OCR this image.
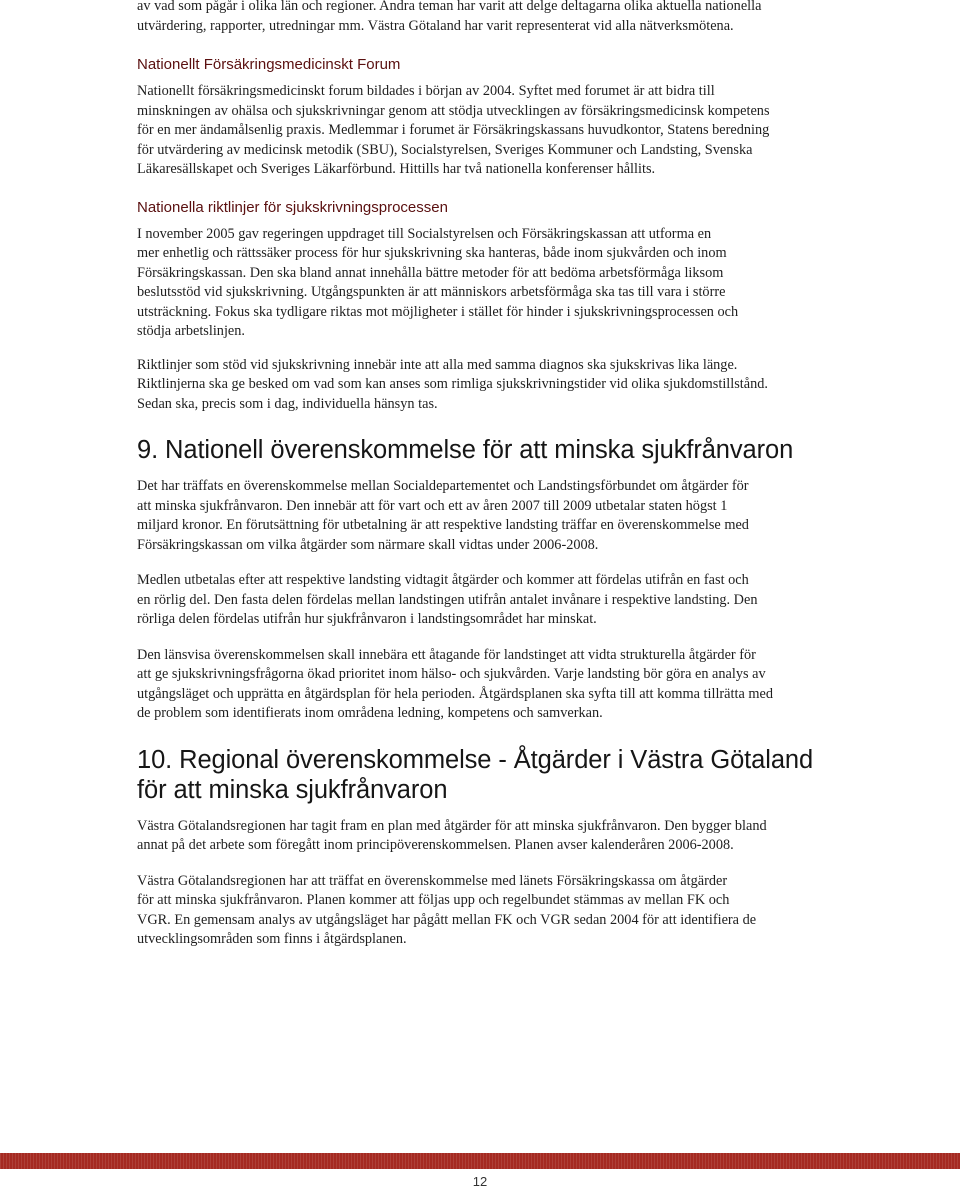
av vad som pågår i olika län och regioner. Andra teman har varit att delge deltagarna olika aktuella nationella

utvärdering, rapporter, utredningar mm. Västra Götaland har varit representerat vid alla nätverksmötena.

Nationellt Försäkringsmedicinskt Forum

Nationellt försäkringsmedicinskt forum bildades i början av 2004. Syftet med forumet är att bidra till

minskningen av ohälsa och sjukskrivningar genom att stödja utvecklingen av försäkringsmedicinsk kompetens

för en mer ändamålsenlig praxis. Medlemmar i forumet är Försäkringskassans huvudkontor, Statens beredning

för utvärdering av medicinsk metodik (SBU), Socialstyrelsen, Sveriges Kommuner och Landsting, Svenska

Läkaresällskapet och Sveriges Läkarförbund. Hittills har två nationella konferenser hållits.

Nationella riktlinjer för sjukskrivningsprocessen

I november 2005 gav regeringen uppdraget till Socialstyrelsen och Försäkringskassan att utforma en

mer enhetlig och rättssäker process för hur sjukskrivning ska hanteras, både inom sjukvården och inom

Försäkringskassan. Den ska bland annat innehålla bättre metoder för att bedöma arbetsförmåga liksom

beslutsstöd vid sjukskrivning. Utgångspunkten är att människors arbetsförmåga ska tas till vara i större

utsträckning. Fokus ska tydligare riktas mot möjligheter i stället för hinder i sjukskrivningsprocessen och

stödja arbetslinjen.

Riktlinjer som stöd vid sjukskrivning innebär inte att alla med samma diagnos ska sjukskrivas lika länge.

Riktlinjerna ska ge besked om vad som kan anses som rimliga sjukskrivningstider vid olika sjukdomstillstånd.

Sedan ska, precis som i dag, individuella hänsyn tas.

9. Nationell överenskommelse för att minska sjukfrånvaron

Det har träffats en överenskommelse mellan Socialdepartementet och Landstingsförbundet om åtgärder för

att minska sjukfrånvaron. Den innebär att för vart och ett av åren 2007 till 2009 utbetalar staten högst 1

miljard kronor. En förutsättning för utbetalning är att respektive landsting träffar en överenskommelse med

Försäkringskassan om vilka åtgärder som närmare skall vidtas under 2006-2008.

Medlen utbetalas efter att respektive landsting vidtagit åtgärder och kommer att fördelas utifrån en fast och

en rörlig del. Den fasta delen fördelas mellan landstingen utifrån antalet invånare i respektive landsting. Den

rörliga delen fördelas utifrån hur sjukfrånvaron i landstingsområdet har minskat.

Den länsvisa överenskommelsen skall innebära ett åtagande för landstinget att vidta strukturella åtgärder för

att ge sjukskrivningsfrågorna ökad prioritet inom hälso- och sjukvården. Varje landsting bör göra en analys av

utgångsläget och upprätta en åtgärdsplan för hela perioden. Åtgärdsplanen ska syfta till att komma tillrätta med

de problem som identifierats inom områdena ledning, kompetens och samverkan.

10. Regional överenskommelse - Åtgärder i Västra Götaland
för att minska sjukfrånvaron

Västra Götalandsregionen har tagit fram en plan med åtgärder för att minska sjukfrånvaron. Den bygger bland

annat på det arbete som föregått inom principöverenskommelsen. Planen avser kalenderåren 2006-2008.

Västra Götalandsregionen har att träffat en överenskommelse med länets Försäkringskassa om åtgärder

för att minska sjukfrånvaron. Planen kommer att följas upp och regelbundet stämmas av mellan FK och

VGR. En gemensam analys av utgångsläget har pågått mellan FK och VGR sedan 2004 för att identifiera de

utvecklingsområden som finns i åtgärdsplanen.

12
